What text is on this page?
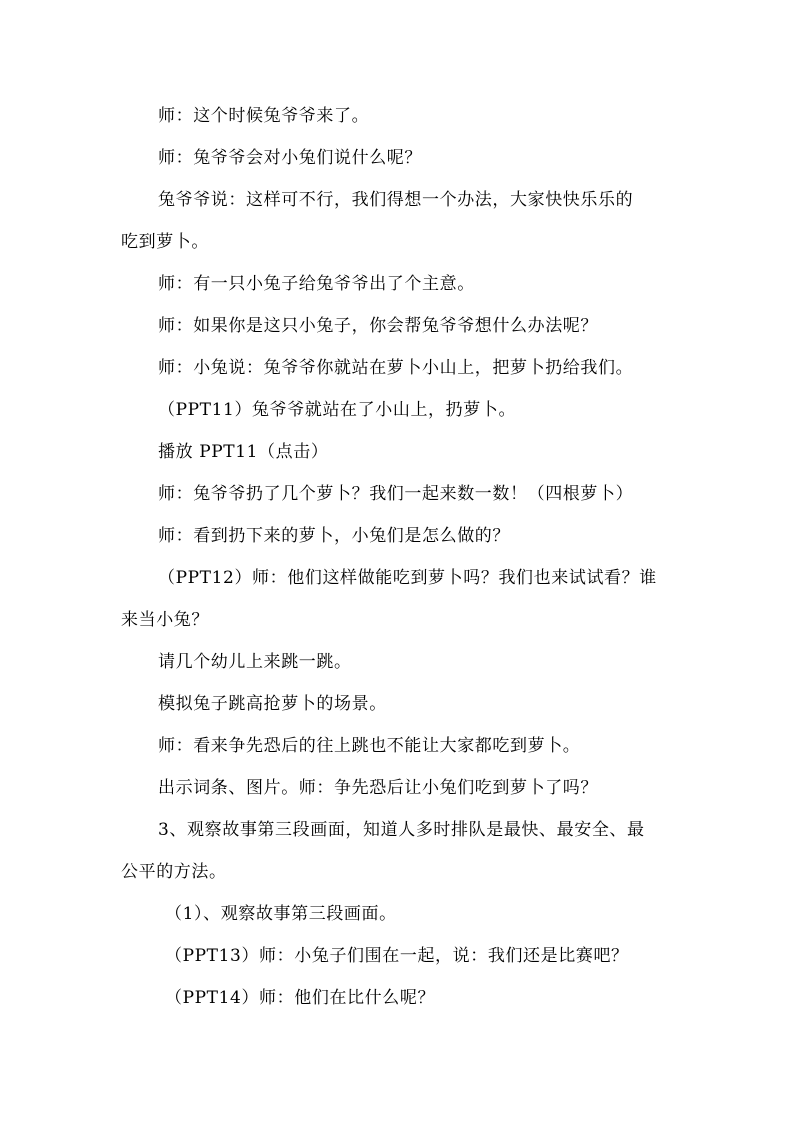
师：这个时候兔爷爷来了。

师：兔爷爷会对小兔们说什么呢？

兔爷爷说：这样可不行，我们得想一个办法，大家快快乐乐的

吃到萝卜。

师：有一只小兔子给兔爷爷出了个主意。

师：如果你是这只小兔子，你会帮兔爷爷想什么办法呢？

师：小兔说：兔爷爷你就站在萝卜小山上，把萝卜扔给我们。

（PPT11）兔爷爷就站在了小山上，扔萝卜。

播放 PPT11（点击）

师：兔爷爷扔了几个萝卜？我们一起来数一数！（四根萝卜）

师：看到扔下来的萝卜，小兔们是怎么做的？

（PPT12）师：他们这样做能吃到萝卜吗？我们也来试试看？谁

来当小兔？

请几个幼儿上来跳一跳。

模拟兔子跳高抢萝卜的场景。

师：看来争先恐后的往上跳也不能让大家都吃到萝卜。

出示词条、图片。师：争先恐后让小兔们吃到萝卜了吗？

3、观察故事第三段画面，知道人多时排队是最快、最安全、最

公平的方法。

（1）、观察故事第三段画面。

（PPT13）师：小兔子们围在一起，说：我们还是比赛吧？

（PPT14）师：他们在比什么呢？
